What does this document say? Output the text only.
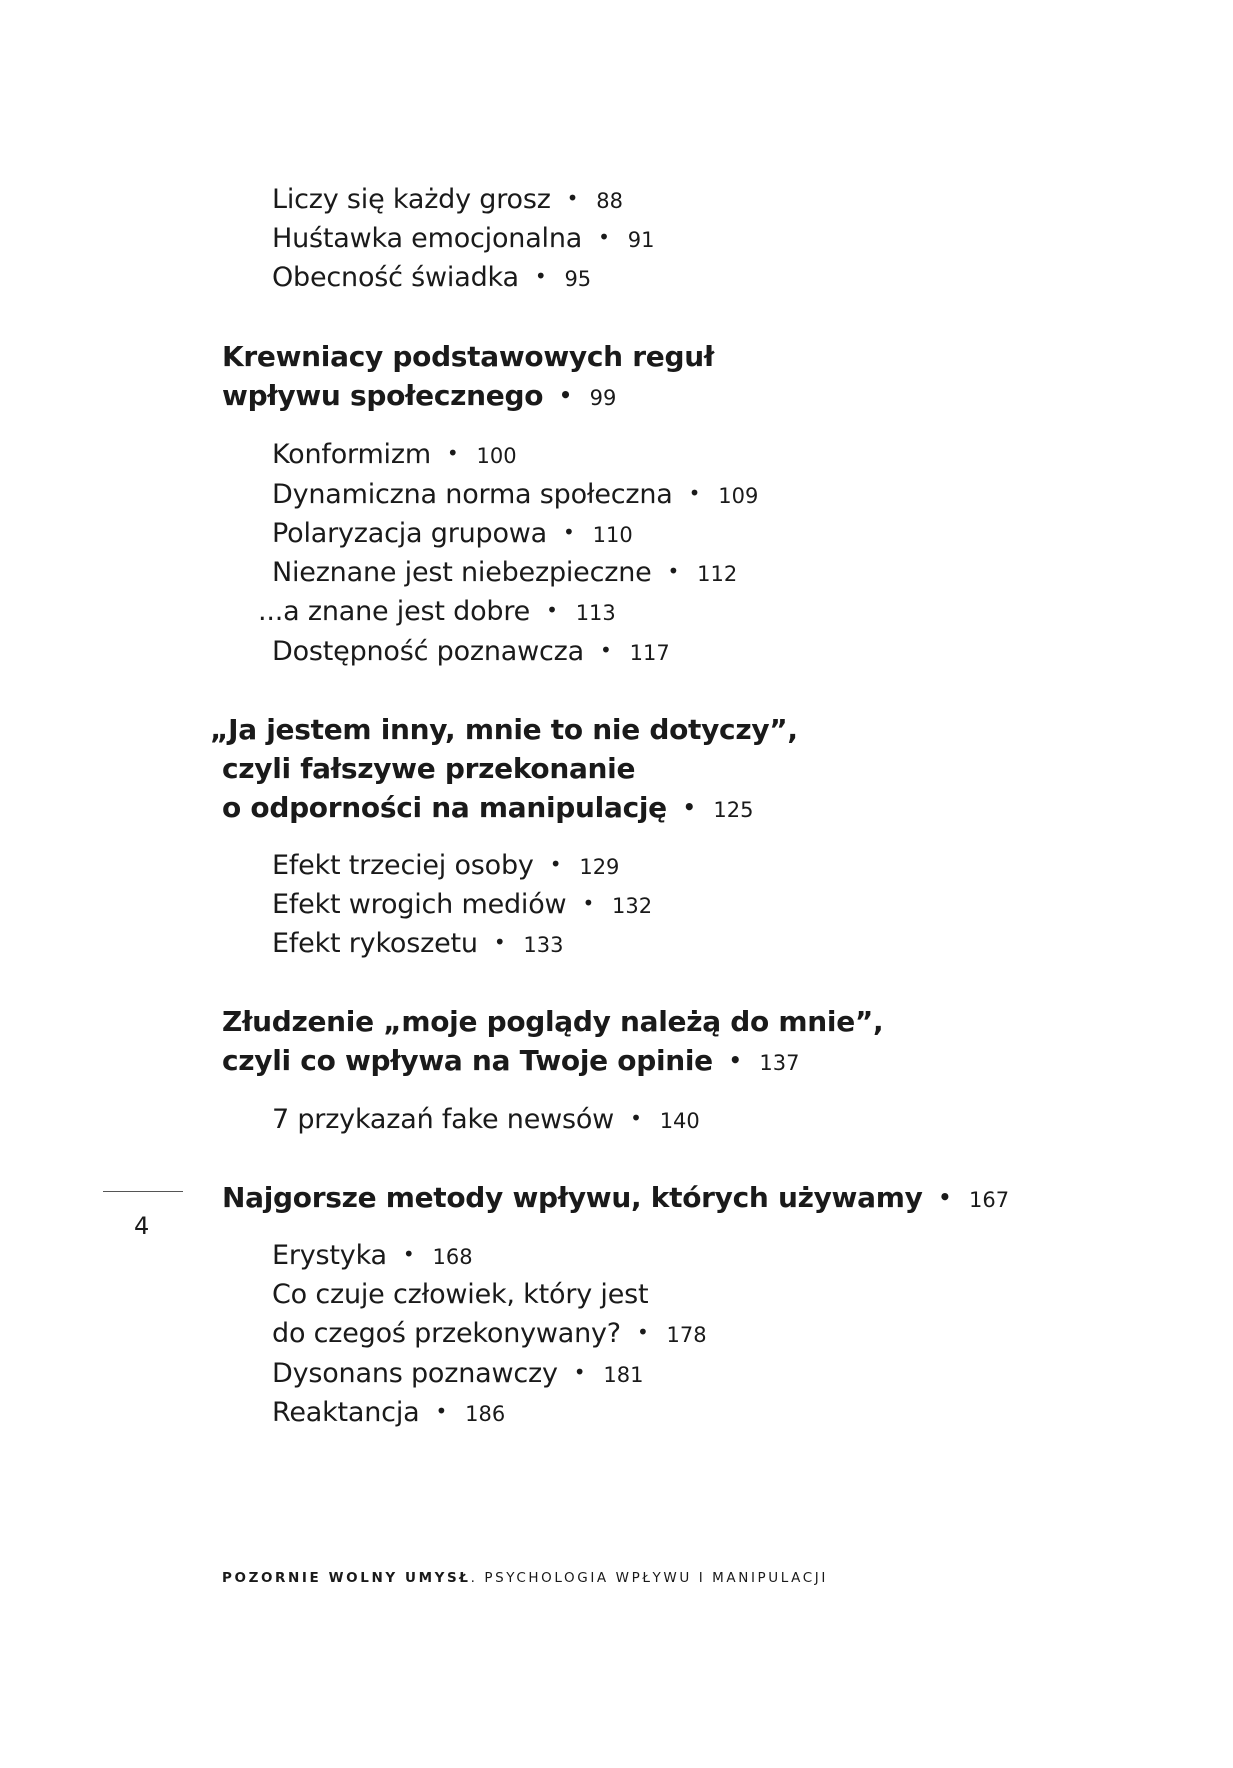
Liczy się każdy grosz • 88
Huśtawka emocjonalna • 91
Obecność świadka • 95
Krewniacy podstawowych reguł
wpływu społecznego • 99
Konformizm • 100
Dynamiczna norma społeczna • 109
Polaryzacja grupowa • 110
Nieznane jest niebezpieczne • 112
...a znane jest dobre • 113
Dostępność poznawcza • 117
„Ja jestem inny, mnie to nie dotyczy”,
czyli fałszywe przekonanie
o odporności na manipulację • 125
Efekt trzeciej osoby • 129
Efekt wrogich mediów • 132
Efekt rykoszetu • 133
Złudzenie „moje poglądy należą do mnie”,
czyli co wpływa na Twoje opinie • 137
7 przykazań fake newsów • 140
Najgorsze metody wpływu, których używamy • 167
Erystyka • 168
Co czuje człowiek, który jest
do czegoś przekonywany? • 178
Dysonans poznawczy • 181
Reaktancja • 186
4
POZORNIE WOLNY UMYSŁ. PSYCHOLOGIA WPŁYWU I MANIPULACJI
